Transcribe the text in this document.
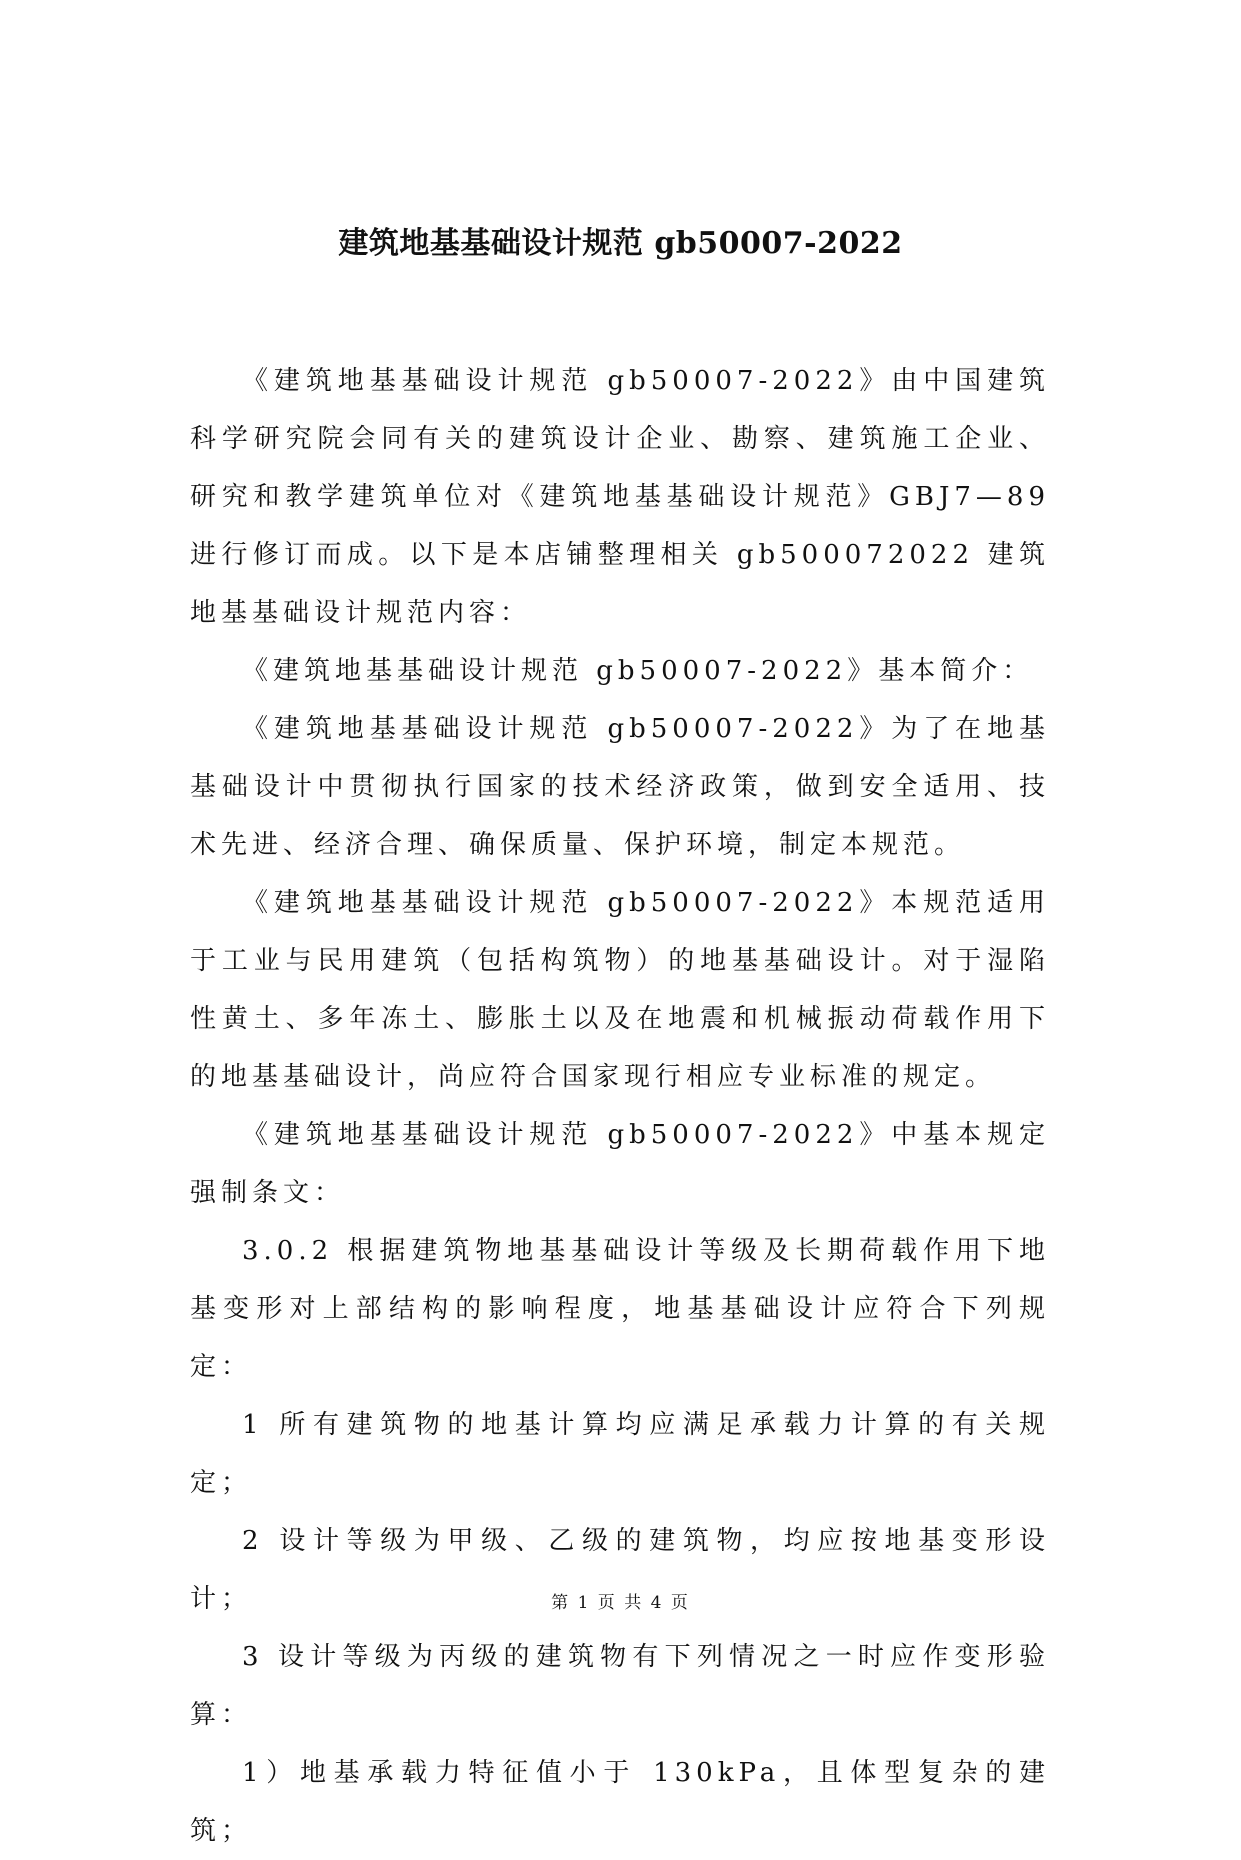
建筑地基基础设计规范 gb50007-2022

《建筑地基基础设计规范 gb50007-2022》由中国建筑科学研究院会同有关的建筑设计企业、勘察、建筑施工企业、研究和教学建筑单位对《建筑地基基础设计规范》GBJ7—89 进行修订而成。以下是本店铺整理相关 gb500072022 建筑地基基础设计规范内容：

《建筑地基基础设计规范 gb50007-2022》基本简介：

《建筑地基基础设计规范 gb50007-2022》为了在地基基础设计中贯彻执行国家的技术经济政策，做到安全适用、技术先进、经济合理、确保质量、保护环境，制定本规范。

《建筑地基基础设计规范 gb50007-2022》本规范适用于工业与民用建筑（包括构筑物）的地基基础设计。对于湿陷性黄土、多年冻土、膨胀土以及在地震和机械振动荷载作用下的地基基础设计，尚应符合国家现行相应专业标准的规定。

《建筑地基基础设计规范 gb50007-2022》中基本规定强制条文：

3.0.2 根据建筑物地基基础设计等级及长期荷载作用下地基变形对上部结构的影响程度，地基基础设计应符合下列规定：

1 所有建筑物的地基计算均应满足承载力计算的有关规定；

2 设计等级为甲级、乙级的建筑物，均应按地基变形设计；

3 设计等级为丙级的建筑物有下列情况之一时应作变形验算：

1）地基承载力特征值小于 130kPa，且体型复杂的建筑；

第 1 页 共 4 页
